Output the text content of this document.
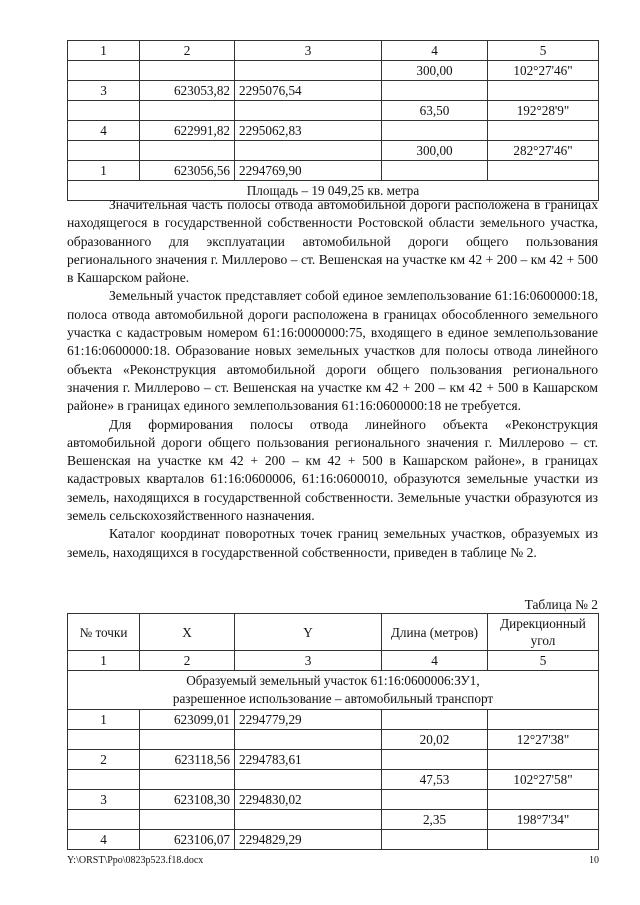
1	2	3	4	5
			300,00	102°27'46"
3	623053,82	2295076,54		
			63,50	192°28'9"
4	622991,82	2295062,83		
			300,00	282°27'46"
1	623056,56	2294769,90		
Площадь – 19 049,25 кв. метра				

Значительная часть полосы отвода автомобильной дороги расположена в границах находящегося в государственной собственности Ростовской области земельного участка, образованного для эксплуатации автомобильной дороги общего пользования регионального значения г. Миллерово – ст. Вешенская на участке км 42 + 200 – км 42 + 500 в Кашарском районе.

Земельный участок представляет собой единое землепользование 61:16:0600000:18, полоса отвода автомобильной дороги расположена в границах обособленного земельного участка с кадастровым номером 61:16:0000000:75, входящего в единое землепользование 61:16:0600000:18. Образование новых земельных участков для полосы отвода линейного объекта «Реконструкция автомобильной дороги общего пользования регионального значения г. Миллерово – ст. Вешенская на участке км 42 + 200 – км 42 + 500 в Кашарском районе» в границах единого землепользования 61:16:0600000:18 не требуется.

Для формирования полосы отвода линейного объекта «Реконструкция автомобильной дороги общего пользования регионального значения г. Миллерово – ст. Вешенская на участке км 42 + 200 – км 42 + 500 в Кашарском районе», в границах кадастровых кварталов 61:16:0600006, 61:16:0600010, образуются земельные участки из земель, находящихся в государственной собственности. Земельные участки образуются из земель сельскохозяйственного назначения.

Каталог координат поворотных точек границ земельных участков, образуемых из земель, находящихся в государственной собственности, приведен в таблице № 2.

Таблица № 2
№ точки	X	Y	Длина (метров)	Дирекционный угол
1	2	3	4	5

Образуемый земельный участок 61:16:0600006:ЗУ1,
разрешенное использование – автомобильный транспорт				

1	623099,01	2294779,29		
			20,02	12°27'38"
2	623118,56	2294783,61		
			47,53	102°27'58"
3	623108,30	2294830,02		
			2,35	198°7'34"
4	623106,07	2294829,29		
Y:\ORST\Ppo\0823p523.f18.docx	10
